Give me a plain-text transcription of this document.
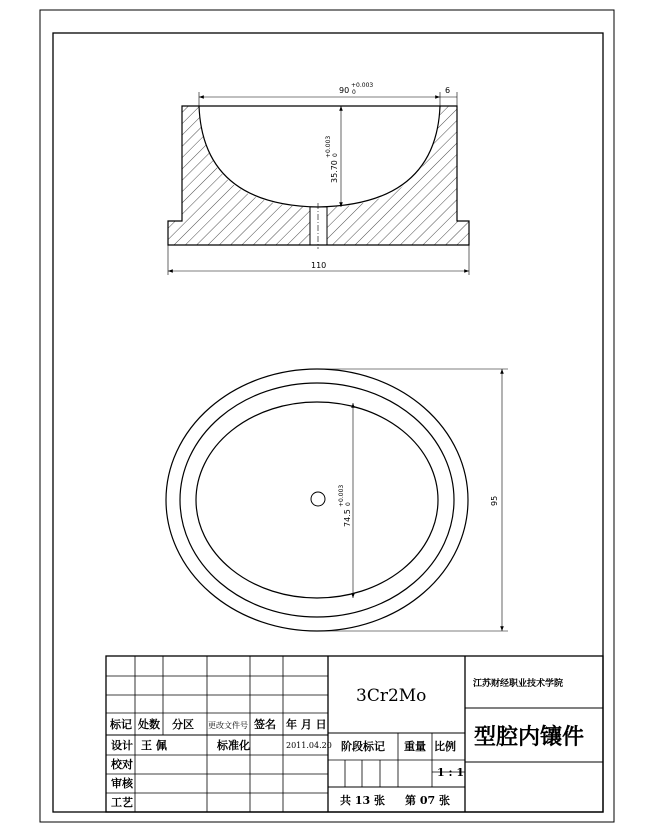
90
+0.003
0	6
35.70
+0.003 0
110
74.5
+0.003 0	95
标记 处数 分区 更改文件号 签名 年 月 日
设计 王 佩	标准化	2011.04.20
校对
审核
工艺
3Cr2Mo
阶段标记 重量 比例
1 : 1
共 13 张 第 07 张
江苏财经职业技术学院
型腔内镶件
